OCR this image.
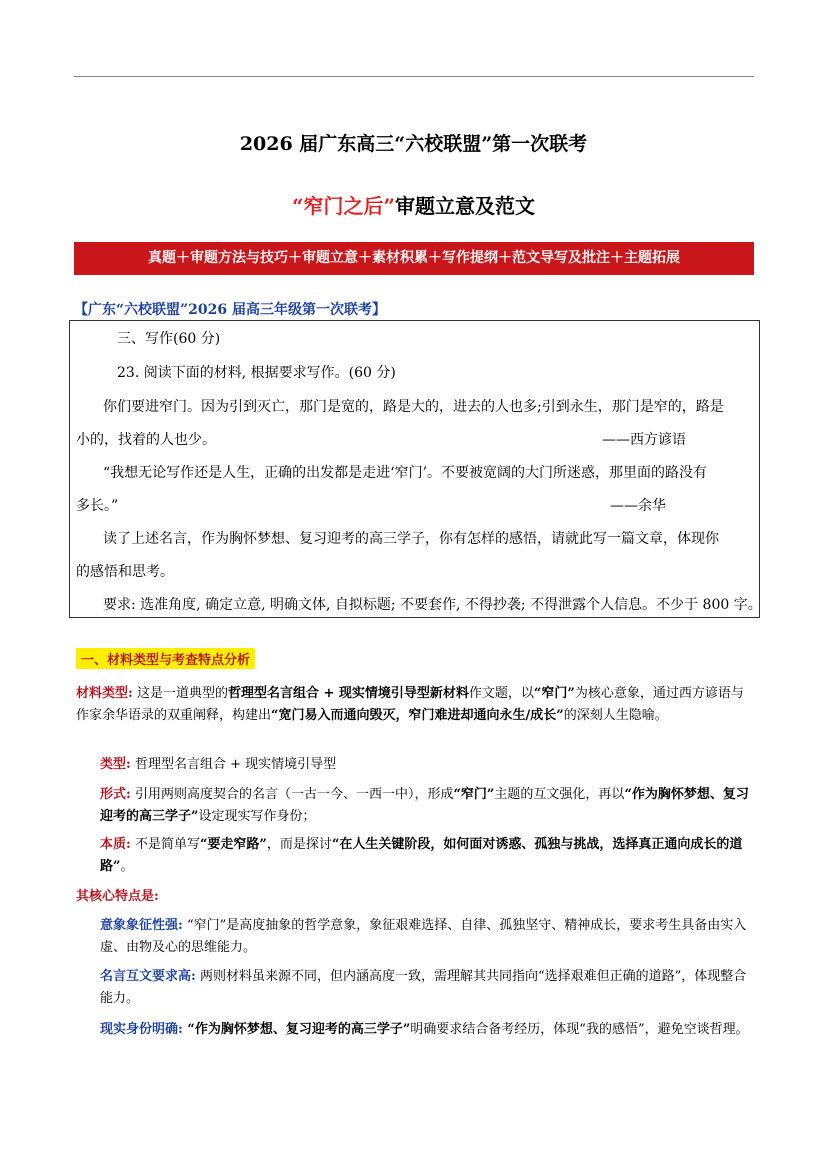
2026 届广东高三“六校联盟”第一次联考
“窄门之后”审题立意及范文
真题＋审题方法与技巧＋审题立意＋素材积累＋写作提纲＋范文导写及批注＋主题拓展
【广东“六校联盟”2026 届高三年级第一次联考】

三、写作(60 分)

23. 阅读下面的材料, 根据要求写作。(60 分)

你们要进窄门。因为引到灭亡，那门是宽的，路是大的，进去的人也多;引到永生，那门是窄的，路是

小的，找着的人也少。	——西方谚语

“我想无论写作还是人生，正确的出发都是走进‘窄门’。不要被宽阔的大门所迷惑，那里面的路没有

多长。”	——余华

读了上述名言，作为胸怀梦想、复习迎考的高三学子，你有怎样的感悟，请就此写一篇文章，体现你

的感悟和思考。

要求: 选准角度, 确定立意, 明确文体, 自拟标题; 不要套作, 不得抄袭; 不得泄露个人信息。不少于 800 字。

一、材料类型与考查特点分析

材料类型: 这是一道典型的哲理型名言组合 + 现实情境引导型新材料作文题，以“窄门”为核心意象，通过西方谚语与作家余华语录的双重阐释，构建出“宽门易入而通向毁灭，窄门难进却通向永生/成长”的深刻人生隐喻。

类型: 哲理型名言组合 + 现实情境引导型

形式: 引用两则高度契合的名言（一古一今、一西一中），形成“窄门”主题的互文强化，再以“作为胸怀梦想、复习迎考的高三学子”设定现实写作身份；

本质: 不是简单写“要走窄路”，而是探讨“在人生关键阶段，如何面对诱惑、孤独与挑战，选择真正通向成长的道路”。

其核心特点是:

意象象征性强: “窄门”是高度抽象的哲学意象，象征艰难选择、自律、孤独坚守、精神成长，要求考生具备由实入虚、由物及心的思维能力。

名言互文要求高: 两则材料虽来源不同，但内涵高度一致，需理解其共同指向“选择艰难但正确的道路”，体现整合能力。

现实身份明确: “作为胸怀梦想、复习迎考的高三学子”明确要求结合备考经历，体现“我的感悟”，避免空谈哲理。
